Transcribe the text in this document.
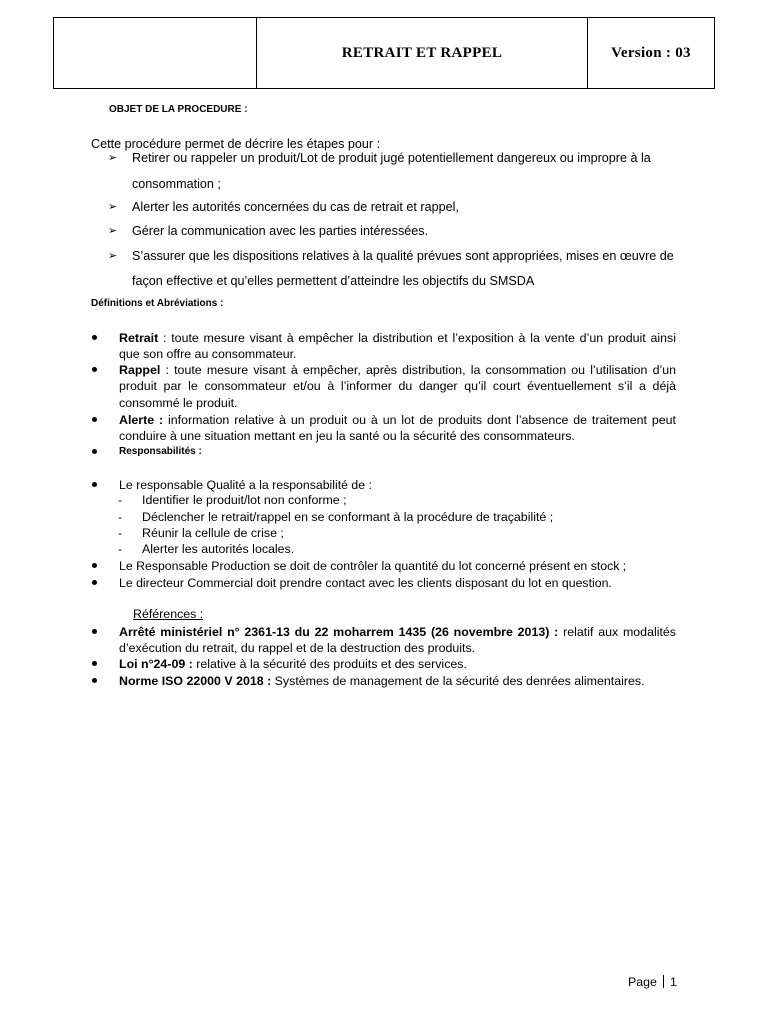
RETRAIT ET RAPPEL	Version : 03
OBJET DE LA PROCEDURE :
Cette procédure permet de décrire les étapes pour :
➢ Retirer ou rappeler un produit/Lot de produit jugé potentiellement dangereux ou impropre à la
consommation ;
➢ Alerter les autorités concernées du cas de retrait et rappel,
➢ Gérer la communication avec les parties intéressées.
➢ S’assurer que les dispositions relatives à la qualité prévues sont appropriées, mises en œuvre de
façon effective et qu’elles permettent d’atteindre les objectifs du SMSDA
Définitions et Abréviations :
Retrait : toute mesure visant à empêcher la distribution et l’exposition à la vente d’un produit ainsi que son offre au consommateur.
Rappel : toute mesure visant à empêcher, après distribution, la consommation ou l’utilisation d’un produit par le consommateur et/ou à l’informer du danger qu’il court éventuellement s’il a déjà consommé le produit.
Alerte : information relative à un produit ou à un lot de produits dont l’absence de traitement peut conduire à une situation mettant en jeu la santé ou la sécurité des consommateurs.
Responsabilités :
Le responsable Qualité a la responsabilité de :
- Identifier le produit/lot non conforme ;
- Déclencher le retrait/rappel en se conformant à la procédure de traçabilité ;
- Réunir la cellule de crise ;
- Alerter les autorités locales.
Le Responsable Production se doit de contrôler la quantité du lot concerné présent en stock ;
Le directeur Commercial doit prendre contact avec les clients disposant du lot en question.
Références :
Arrêté ministériel n° 2361-13 du 22 moharrem 1435 (26 novembre 2013) : relatif aux modalités d’exécution du retrait, du rappel et de la destruction des produits.
Loi n°24-09 : relative à la sécurité des produits et des services.
Norme ISO 22000 V 2018 : Systèmes de management de la sécurité des denrées alimentaires.
Page 1
